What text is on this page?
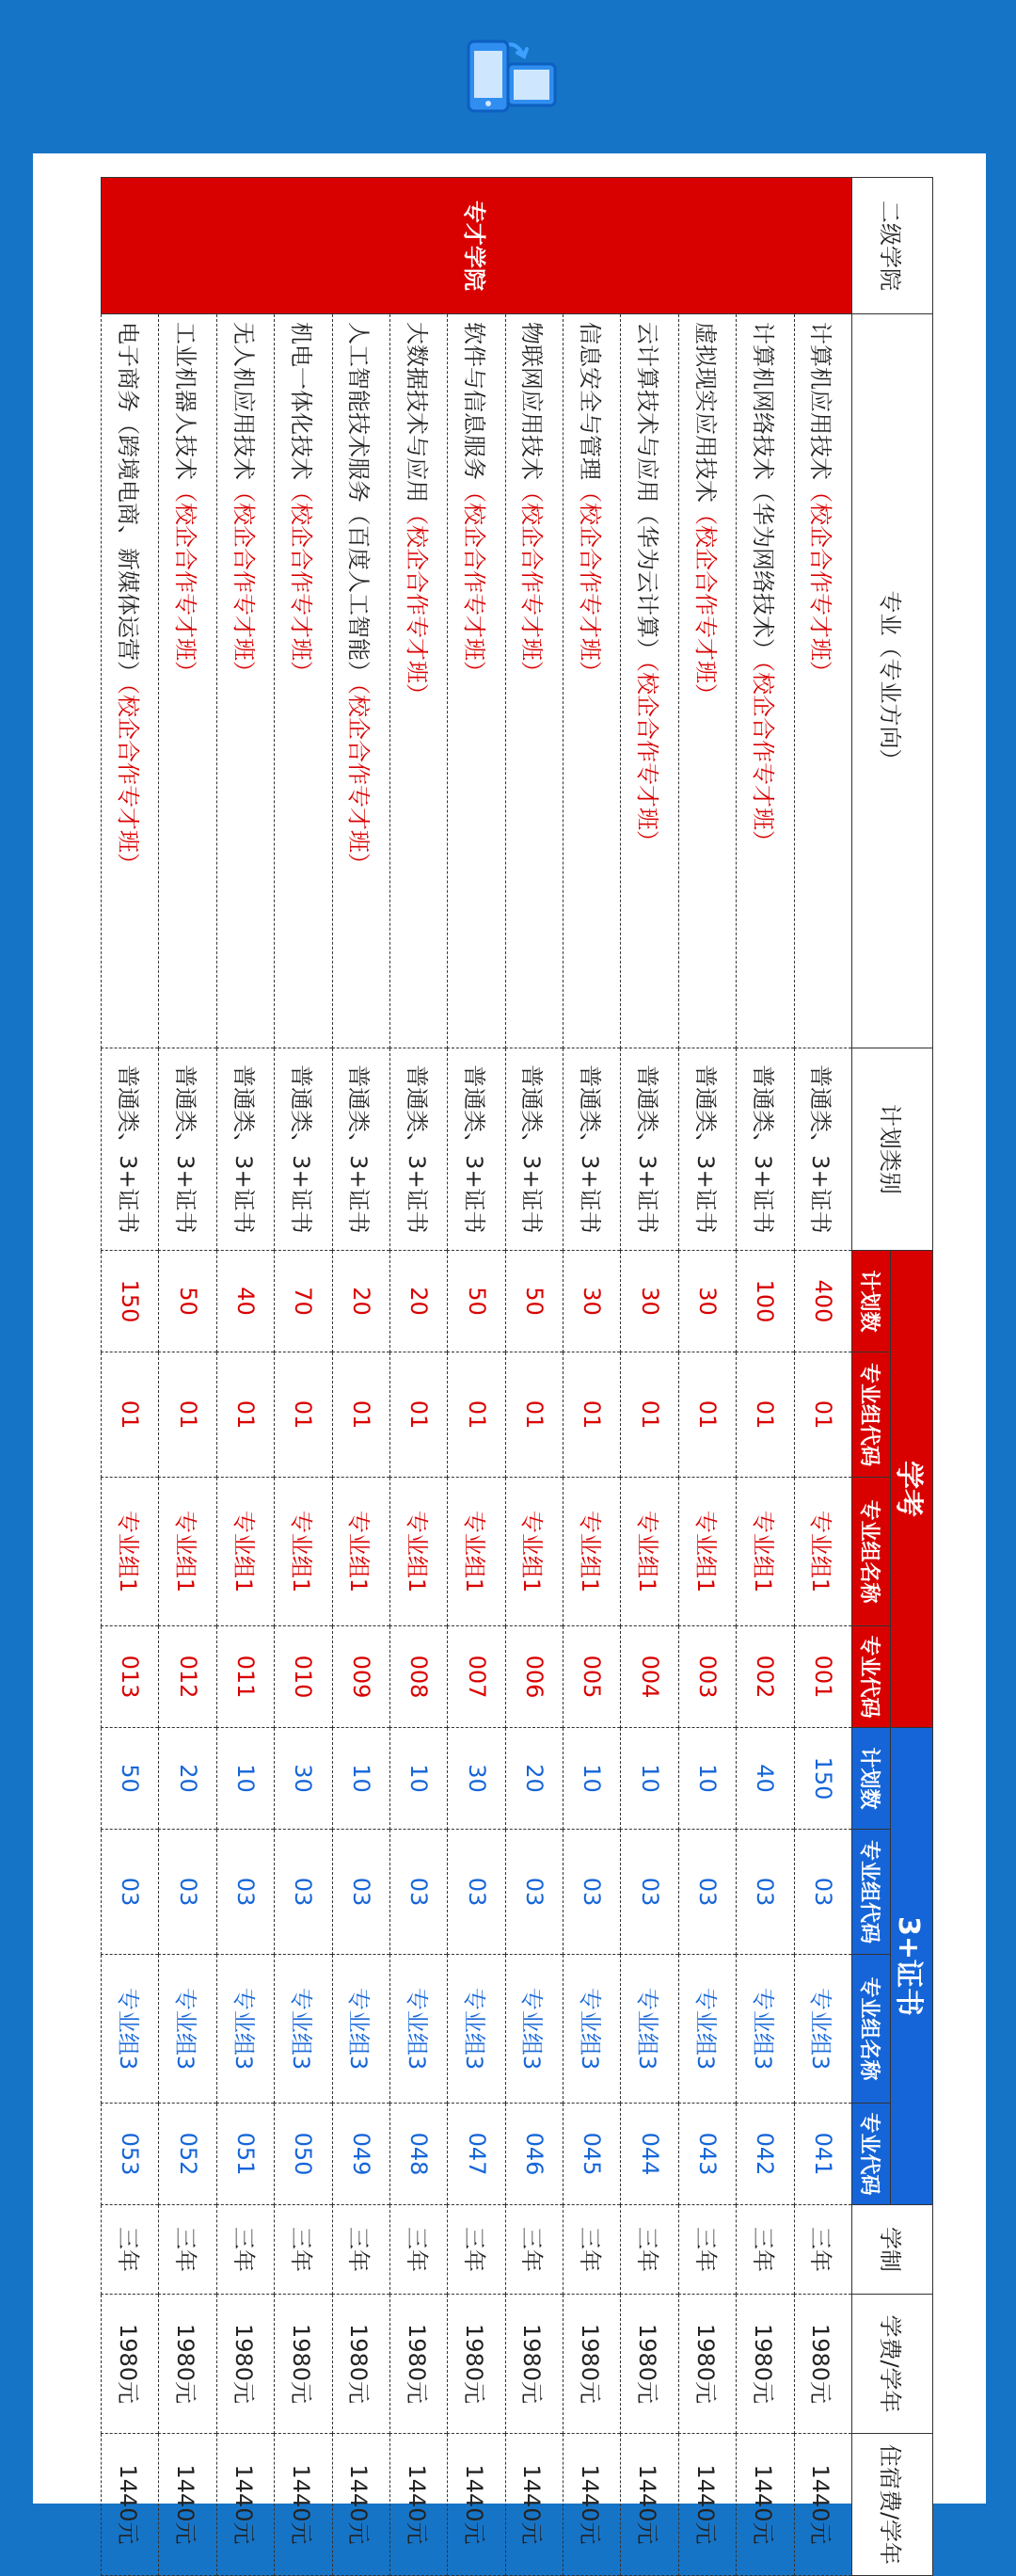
二级学院	专业（专业方向）	计划类别	学考				3+证书				学制	学费/学年	住宿费/学年
			计划数	专业组代码	专业组名称	专业代码	计划数	专业组代码	专业组名称	专业代码			
专才学院	计算机应用技术（校企合作专才班）	普通类、3+证书	400	01	专业组1	001	150	03	专业组3	041	三年	1980元	1440元
	计算机网络技术（华为网络技术）（校企合作专才班）	普通类、3+证书	100	01	专业组1	002	40	03	专业组3	042	三年	1980元	1440元
	虚拟现实应用技术（校企合作专才班）	普通类、3+证书	30	01	专业组1	003	10	03	专业组3	043	三年	1980元	1440元
	云计算技术与应用（华为云计算）（校企合作专才班）	普通类、3+证书	30	01	专业组1	004	10	03	专业组3	044	三年	1980元	1440元
	信息安全与管理（校企合作专才班）	普通类、3+证书	30	01	专业组1	005	10	03	专业组3	045	三年	1980元	1440元
	物联网应用技术（校企合作专才班）	普通类、3+证书	50	01	专业组1	006	20	03	专业组3	046	三年	1980元	1440元
	软件与信息服务（校企合作专才班）	普通类、3+证书	50	01	专业组1	007	30	03	专业组3	047	三年	1980元	1440元
	大数据技术与应用（校企合作专才班）	普通类、3+证书	20	01	专业组1	008	10	03	专业组3	048	三年	1980元	1440元
	人工智能技术服务（百度人工智能）（校企合作专才班）	普通类、3+证书	20	01	专业组1	009	10	03	专业组3	049	三年	1980元	1440元
	机电一体化技术（校企合作专才班）	普通类、3+证书	70	01	专业组1	010	30	03	专业组3	050	三年	1980元	1440元
	无人机应用技术（校企合作专才班）	普通类、3+证书	40	01	专业组1	011	10	03	专业组3	051	三年	1980元	1440元
	工业机器人技术（校企合作专才班）	普通类、3+证书	50	01	专业组1	012	20	03	专业组3	052	三年	1980元	1440元
	电子商务（跨境电商、新媒体运营）（校企合作专才班）	普通类、3+证书	150	01	专业组1	013	50	03	专业组3	053	三年	1980元	1440元
